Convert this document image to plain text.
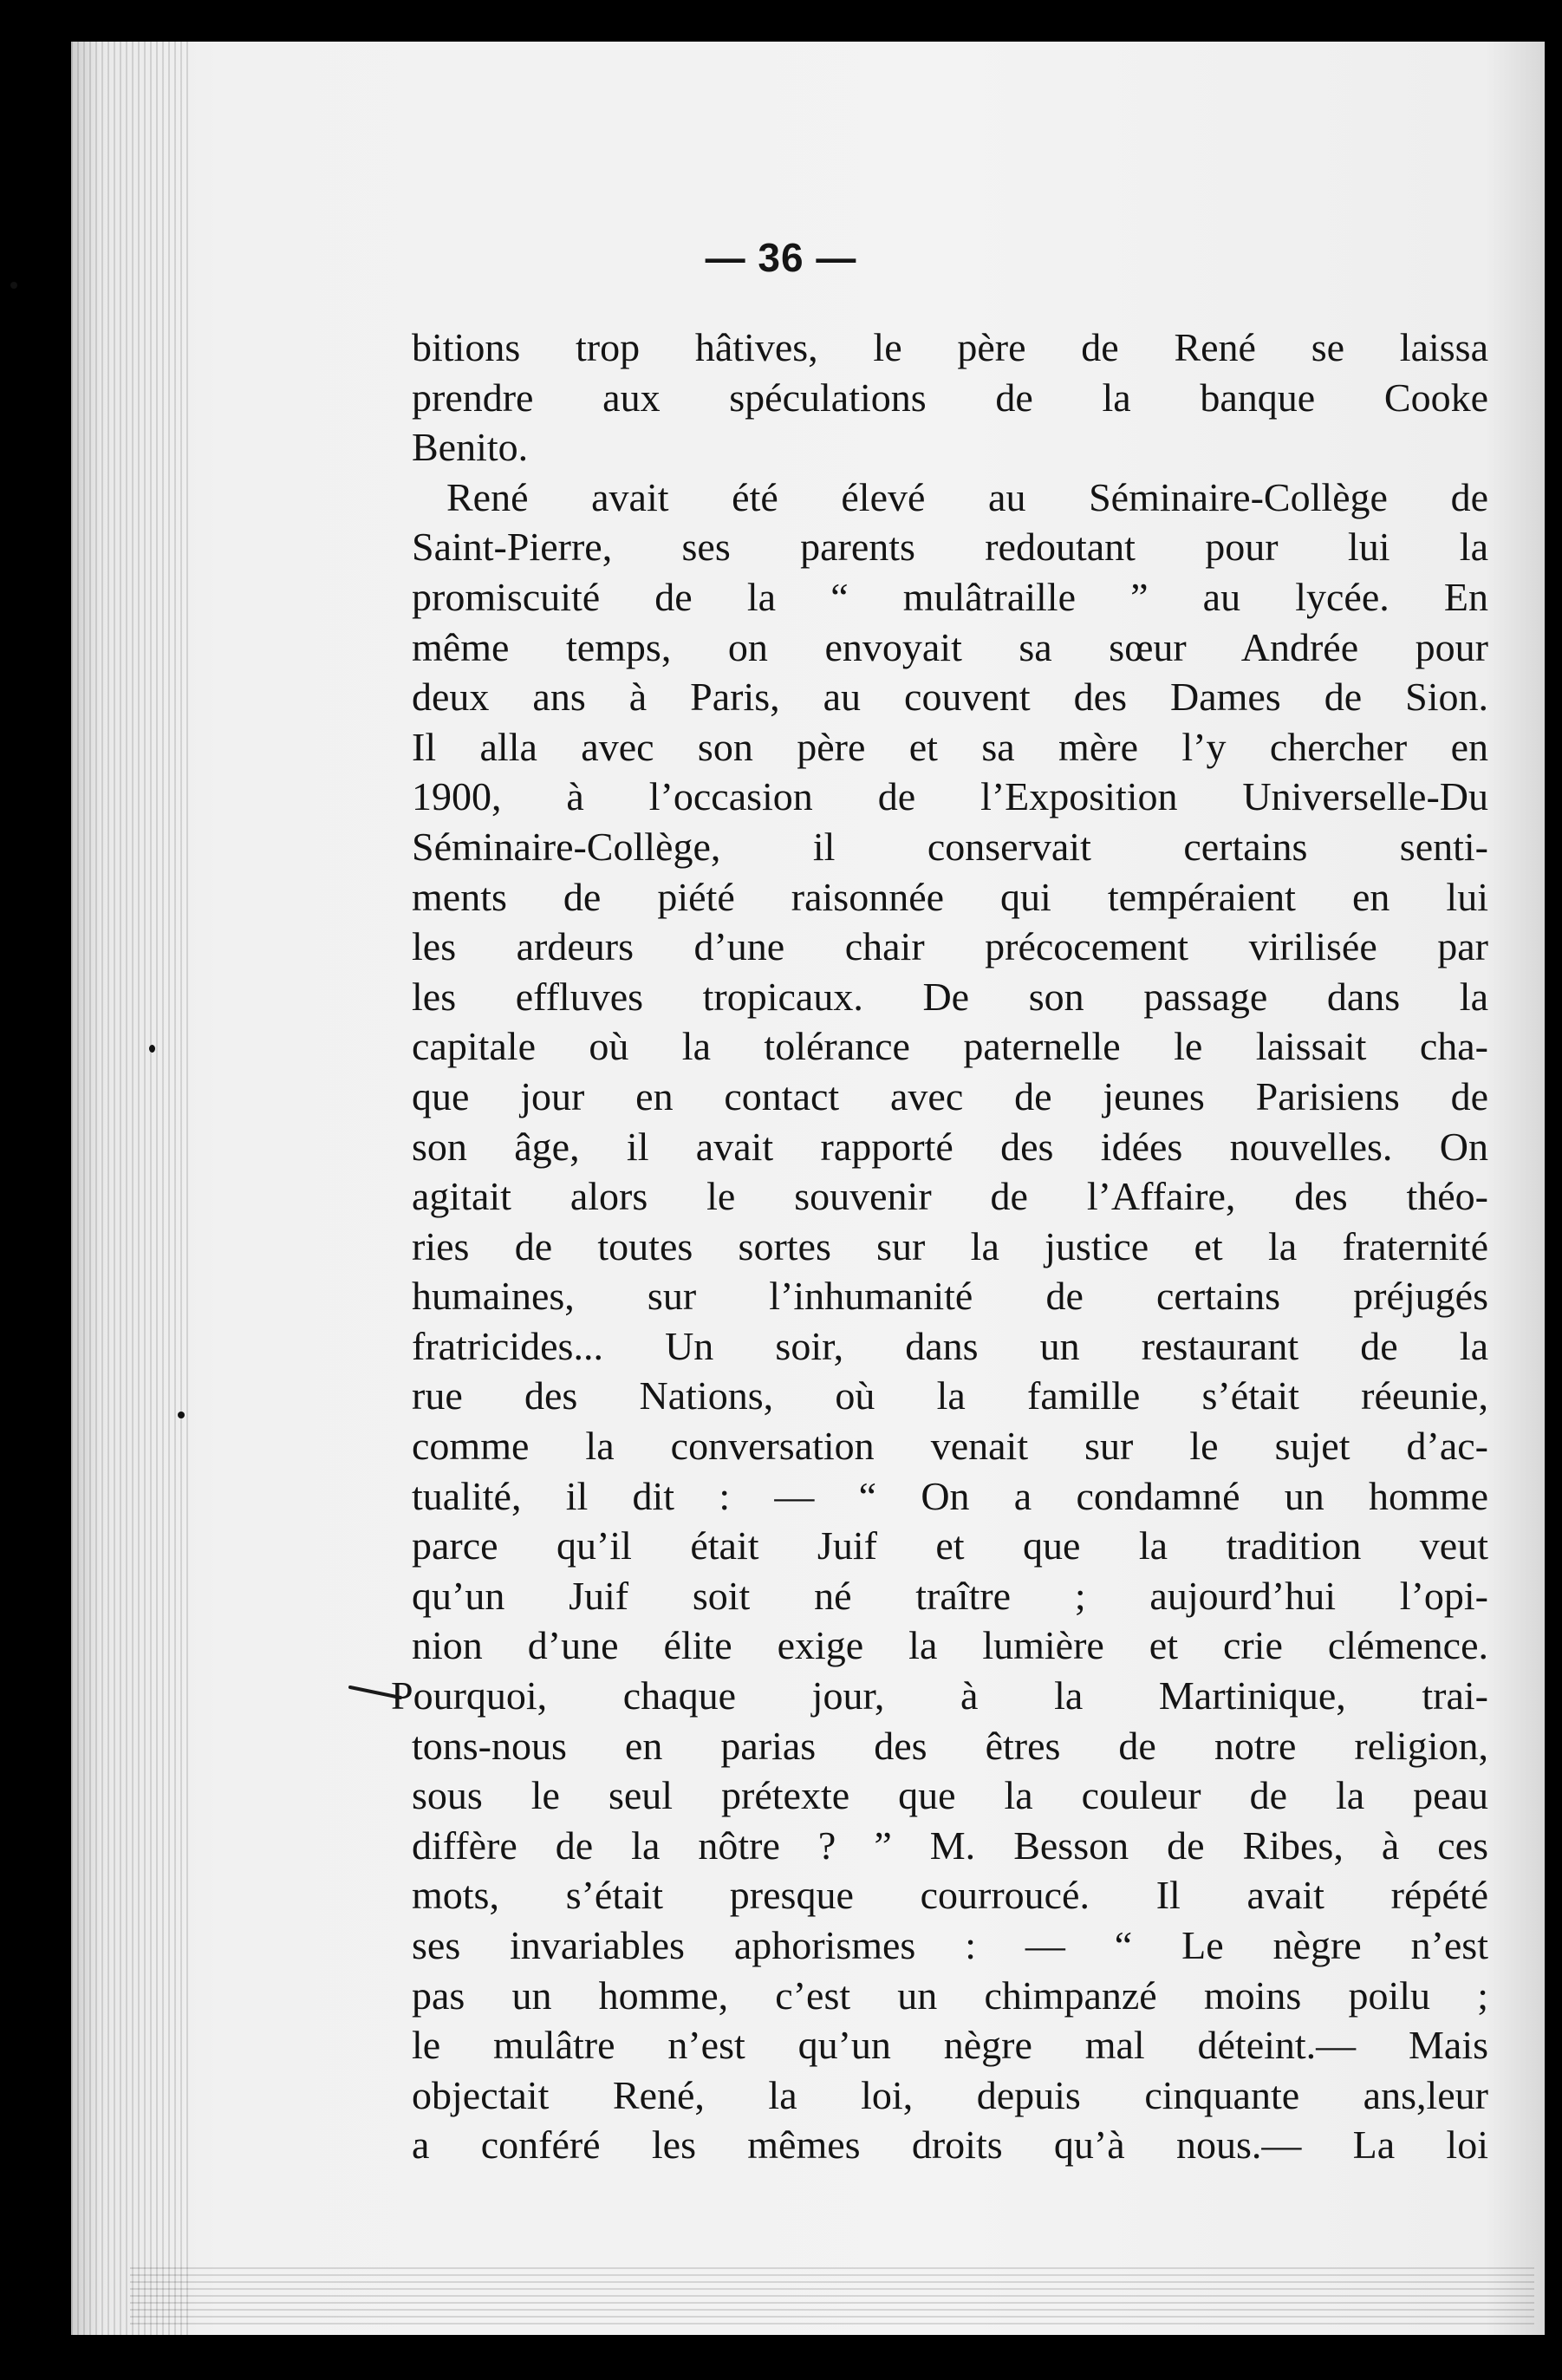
— 36 —
bitions trop hâtives, le père de René se laissa
prendre aux spéculations de la banque Cooke
Benito.
René avait été élevé au Séminaire-Collège de
Saint-Pierre, ses parents redoutant pour lui la
promiscuité de la “ mulâtraille ” au lycée. En
même temps, on envoyait sa sœur Andrée pour
deux ans à Paris, au couvent des Dames de Sion.
Il alla avec son père et sa mère l’y chercher en
1900, à l’occasion de l’Exposition Universelle-Du
Séminaire-Collège, il conservait certains senti-
ments de piété raisonnée qui tempéraient en lui
les ardeurs d’une chair précocement virilisée par
les effluves tropicaux. De son passage dans la
capitale où la tolérance paternelle le laissait cha-
que jour en contact avec de jeunes Parisiens de
son âge, il avait rapporté des idées nouvelles. On
agitait alors le souvenir de l’Affaire, des théo-
ries de toutes sortes sur la justice et la fraternité
humaines, sur l’inhumanité de certains préjugés
fratricides... Un soir, dans un restaurant de la
rue des Nations, où la famille s’était réeunie,
comme la conversation venait sur le sujet d’ac-
tualité, il dit : — “ On a condamné un homme
parce qu’il était Juif et que la tradition veut
qu’un Juif soit né traître ; aujourd’hui l’opi-
nion d’une élite exige la lumière et crie clémence.
Pourquoi, chaque jour, à la Martinique, trai-
tons-nous en parias des êtres de notre religion,
sous le seul prétexte que la couleur de la peau
diffère de la nôtre ? ” M. Besson de Ribes, à ces
mots, s’était presque courroucé. Il avait répété
ses invariables aphorismes : — “ Le nègre n’est
pas un homme, c’est un chimpanzé moins poilu ;
le mulâtre n’est qu’un nègre mal déteint.— Mais
objectait René, la loi, depuis cinquante ans,leur
a conféré les mêmes droits qu’à nous.— La loi
